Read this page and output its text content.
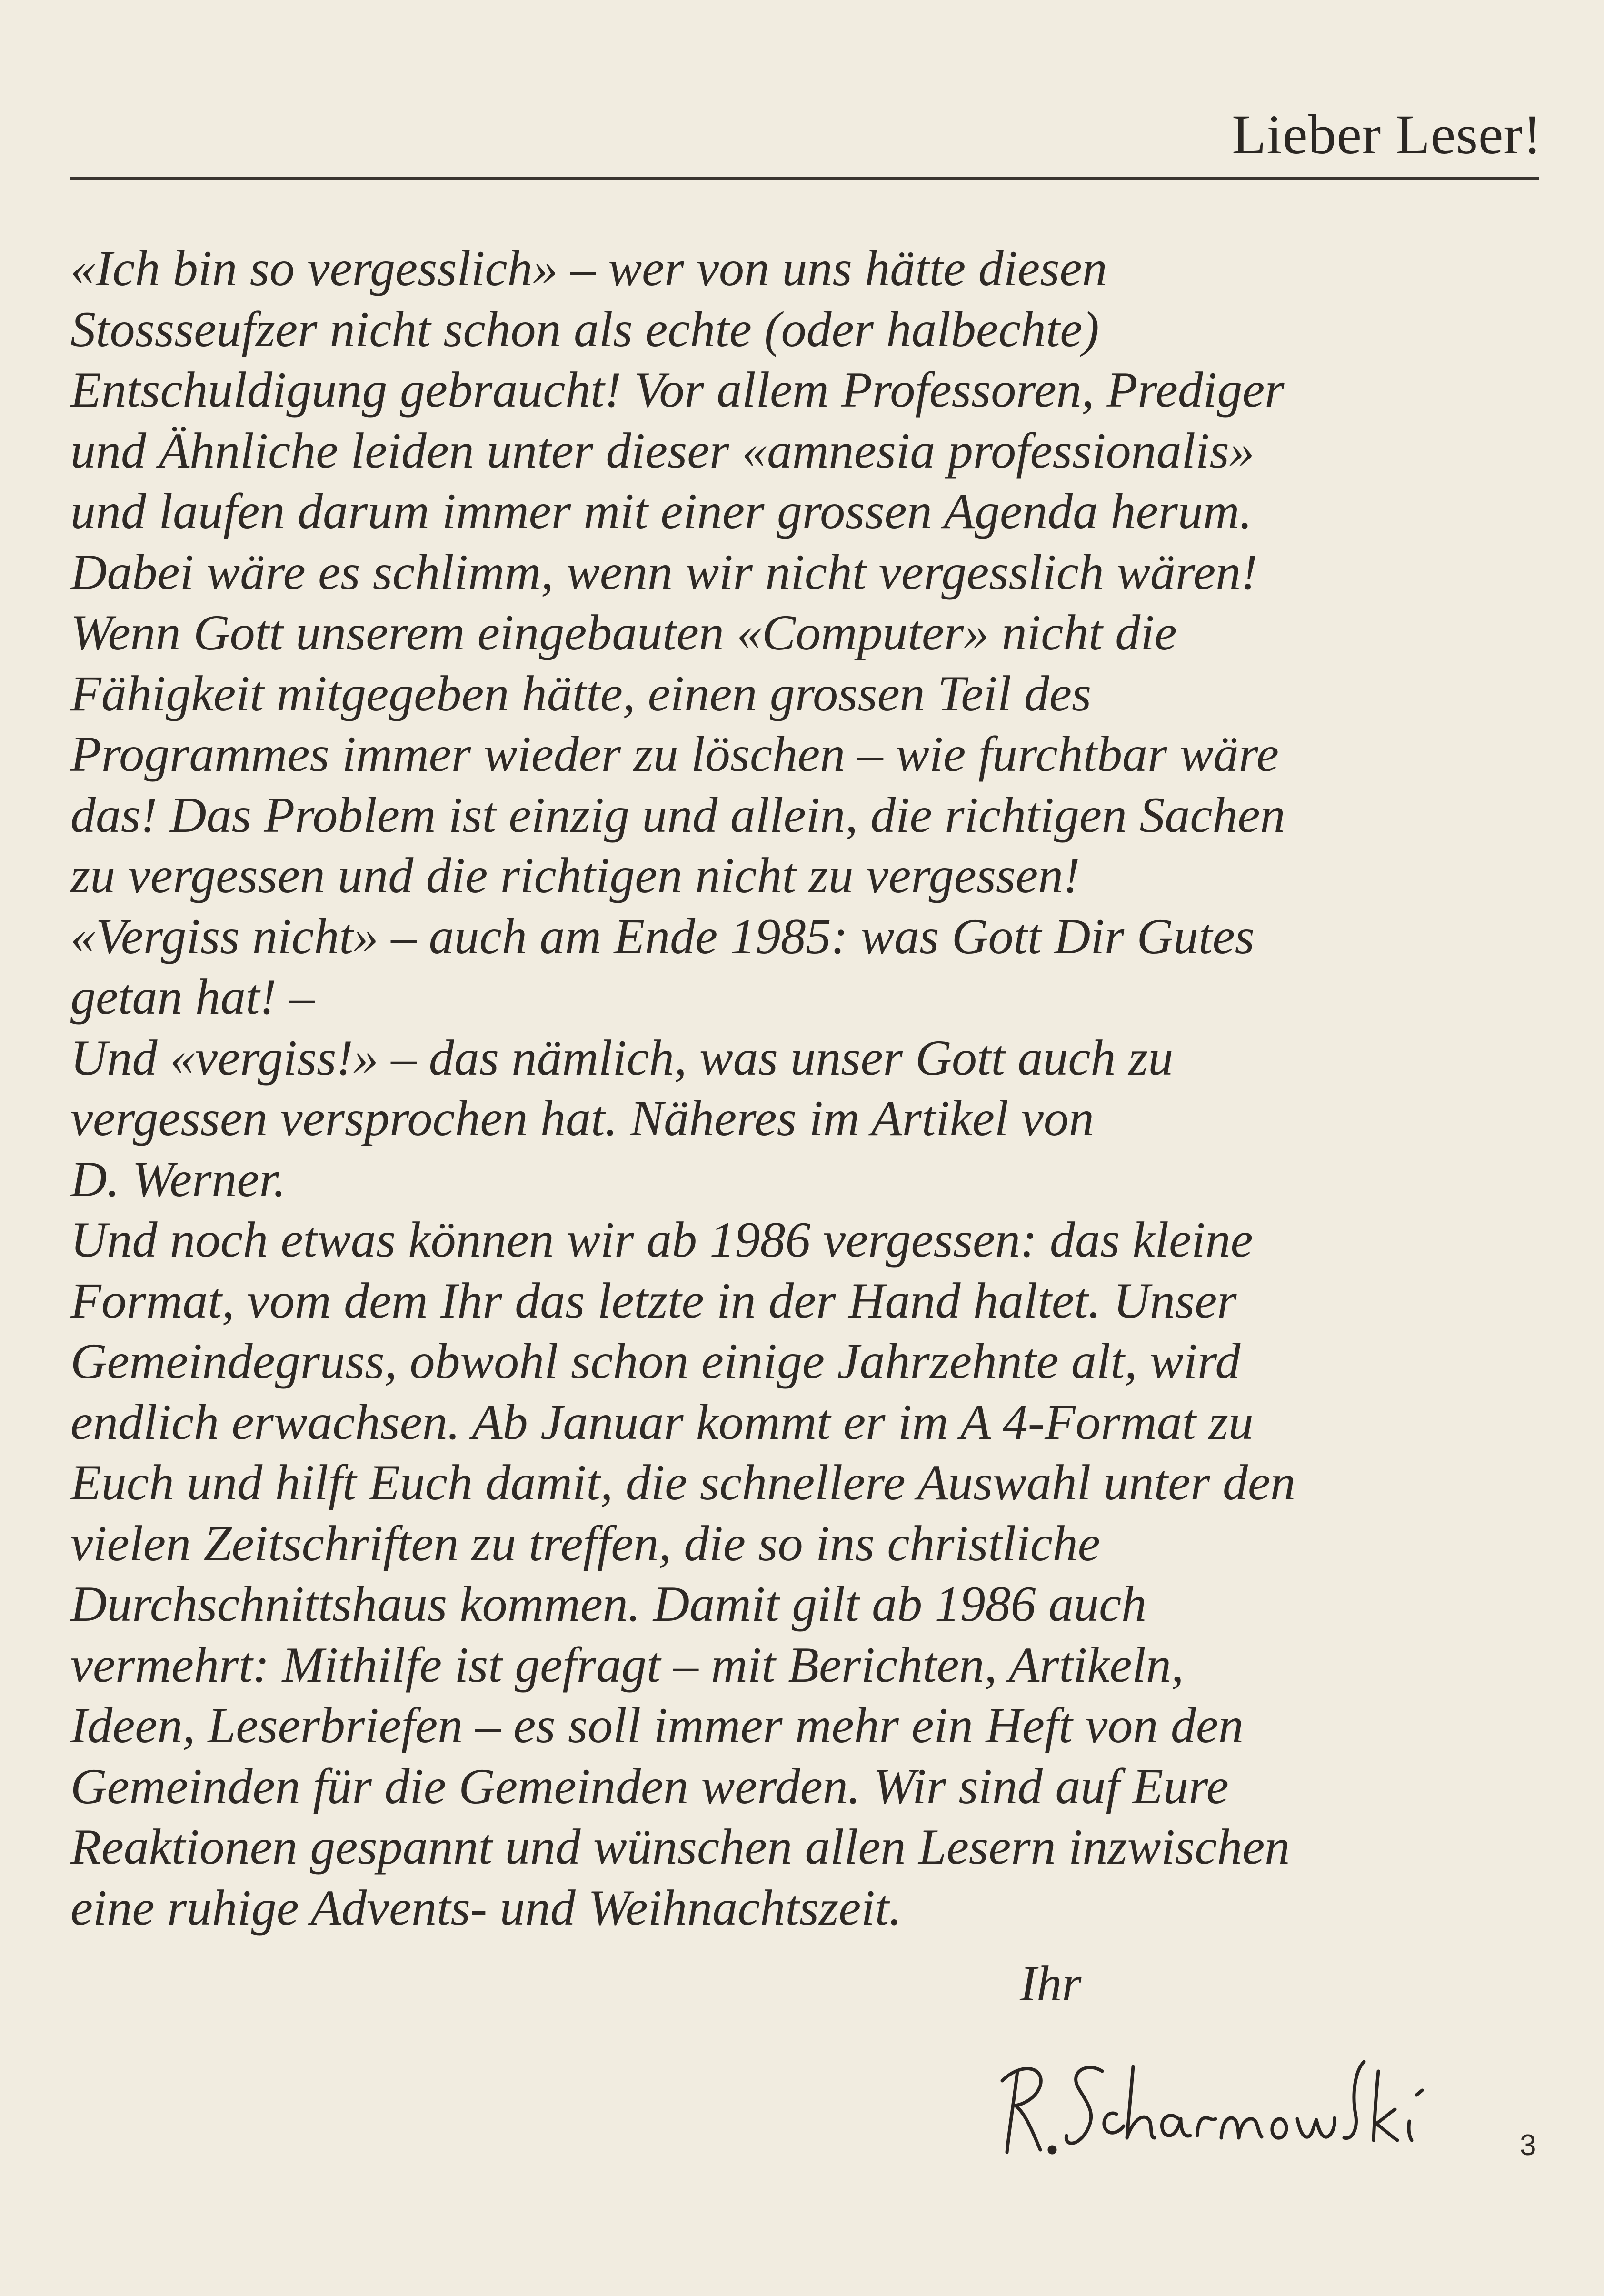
Lieber Leser!
«Ich bin so vergesslich» – wer von uns hätte diesen
Stossseufzer nicht schon als echte (oder halbechte)
Entschuldigung gebraucht! Vor allem Professoren, Prediger
und Ähnliche leiden unter dieser «amnesia professionalis»
und laufen darum immer mit einer grossen Agenda herum.
Dabei wäre es schlimm, wenn wir nicht vergesslich wären!
Wenn Gott unserem eingebauten «Computer» nicht die
Fähigkeit mitgegeben hätte, einen grossen Teil des
Programmes immer wieder zu löschen – wie furchtbar wäre
das! Das Problem ist einzig und allein, die richtigen Sachen
zu vergessen und die richtigen nicht zu vergessen!
«Vergiss nicht» – auch am Ende 1985: was Gott Dir Gutes
getan hat! –
Und «vergiss!» – das nämlich, was unser Gott auch zu
vergessen versprochen hat. Näheres im Artikel von
D. Werner.
Und noch etwas können wir ab 1986 vergessen: das kleine
Format, vom dem Ihr das letzte in der Hand haltet. Unser
Gemeindegruss, obwohl schon einige Jahrzehnte alt, wird
endlich erwachsen. Ab Januar kommt er im A 4-Format zu
Euch und hilft Euch damit, die schnellere Auswahl unter den
vielen Zeitschriften zu treffen, die so ins christliche
Durchschnittshaus kommen. Damit gilt ab 1986 auch
vermehrt: Mithilfe ist gefragt – mit Berichten, Artikeln,
Ideen, Leserbriefen – es soll immer mehr ein Heft von den
Gemeinden für die Gemeinden werden. Wir sind auf Eure
Reaktionen gespannt und wünschen allen Lesern inzwischen
eine ruhige Advents- und Weihnachtszeit.
Ihr
3
